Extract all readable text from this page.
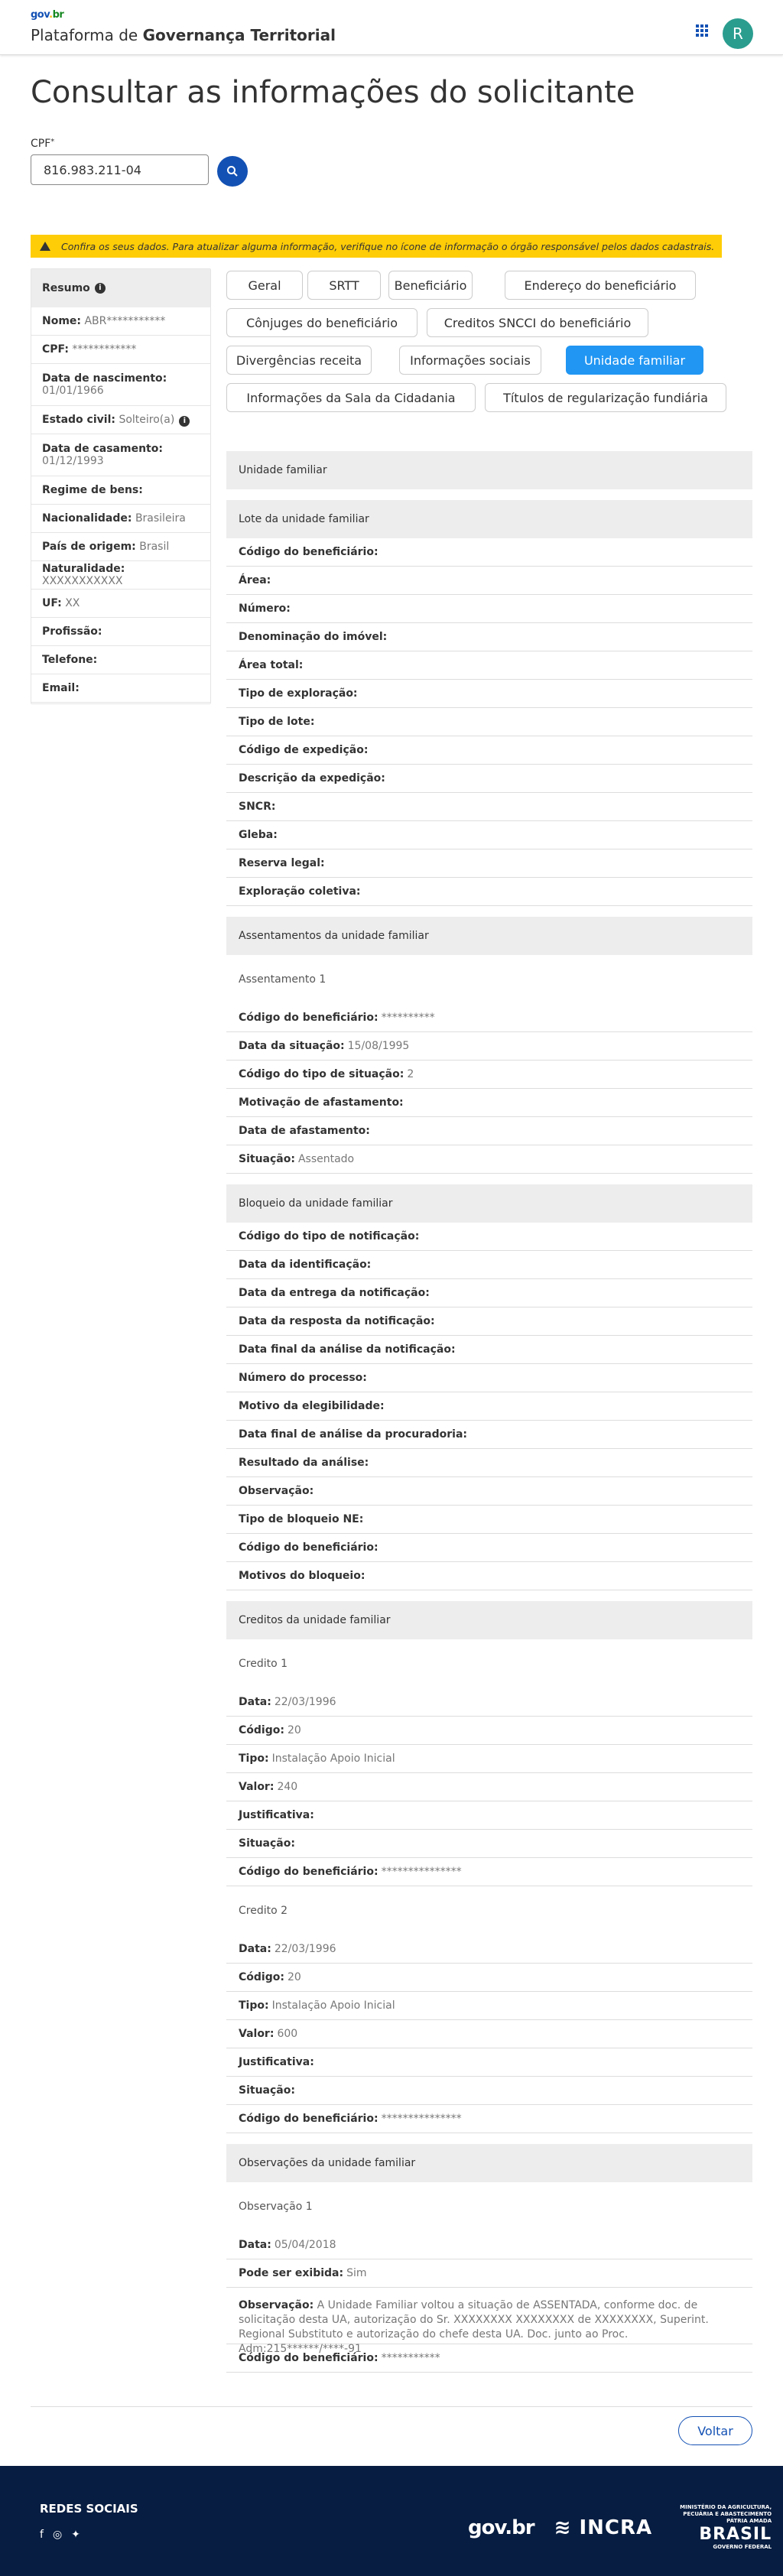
gov.br
Plataforma de Governança Territorial	R
Consultar as informações do solicitante
CPF*
816.983.211-04
Confira os seus dados. Para atualizar alguma informação, verifique no ícone de informação o órgão responsável pelos dados cadastrais.
Resumo	i
Nome: ABR***********
CPF: ************
Data de nascimento:
01/01/1966
Estado civil: Solteiro(a) i
Data de casamento:
01/12/1993
Regime de bens:
Nacionalidade: Brasileira
País de origem: Brasil
Naturalidade: XXXXXXXXXXX
UF: XX
Profissão:
Telefone:
Email:
Geral	SRTT	Beneficiário	Endereço do beneficiário
Cônjuges do beneficiário	Creditos SNCCI do beneficiário
Divergências receita	Informações sociais	Unidade familiar
Informações da Sala da Cidadania	Títulos de regularização fundiária
Unidade familiar
Lote da unidade familiar
Código do beneficiário:
Área:
Número:
Denominação do imóvel:
Área total:
Tipo de exploração:
Tipo de lote:
Código de expedição:
Descrição da expedição:
SNCR:
Gleba:
Reserva legal:
Exploração coletiva:
Assentamentos da unidade familiar
Assentamento 1
Código do beneficiário: **********
Data da situação: 15/08/1995
Código do tipo de situação: 2
Motivação de afastamento:
Data de afastamento:
Situação: Assentado
Bloqueio da unidade familiar
Código do tipo de notificação:
Data da identificação:
Data da entrega da notificação:
Data da resposta da notificação:
Data final da análise da notificação:
Número do processo:
Motivo da elegibilidade:
Data final de análise da procuradoria:
Resultado da análise:
Observação:
Tipo de bloqueio NE:
Código do beneficiário:
Motivos do bloqueio:
Creditos da unidade familiar
Credito 1
Data: 22/03/1996
Código: 20
Tipo: Instalação Apoio Inicial
Valor: 240
Justificativa:
Situação:
Código do beneficiário: ***************
Credito 2
Data: 22/03/1996
Código: 20
Tipo: Instalação Apoio Inicial
Valor: 600
Justificativa:
Situação:
Código do beneficiário: ***************
Observações da unidade familiar
Observação 1
Data: 05/04/2018
Pode ser exibida: Sim
Observação: A Unidade Familiar voltou a situação de ASSENTADA, conforme doc. de solicitação desta UA, autorização do Sr. XXXXXXXX XXXXXXXX de XXXXXXXX, Superint. Regional Substituto e autorização do chefe desta UA. Doc. junto ao Proc. Adm:215******/****-91
Código do beneficiário: ***********
Voltar
REDES SOCIAIS
f ◎ ✦	gov.br ≋ INCRA
MINISTÉRIO DA AGRICULTURA, PECUÁRIA E ABASTECIMENTO
PÁTRIA AMADA
BRASIL
GOVERNO FEDERAL
